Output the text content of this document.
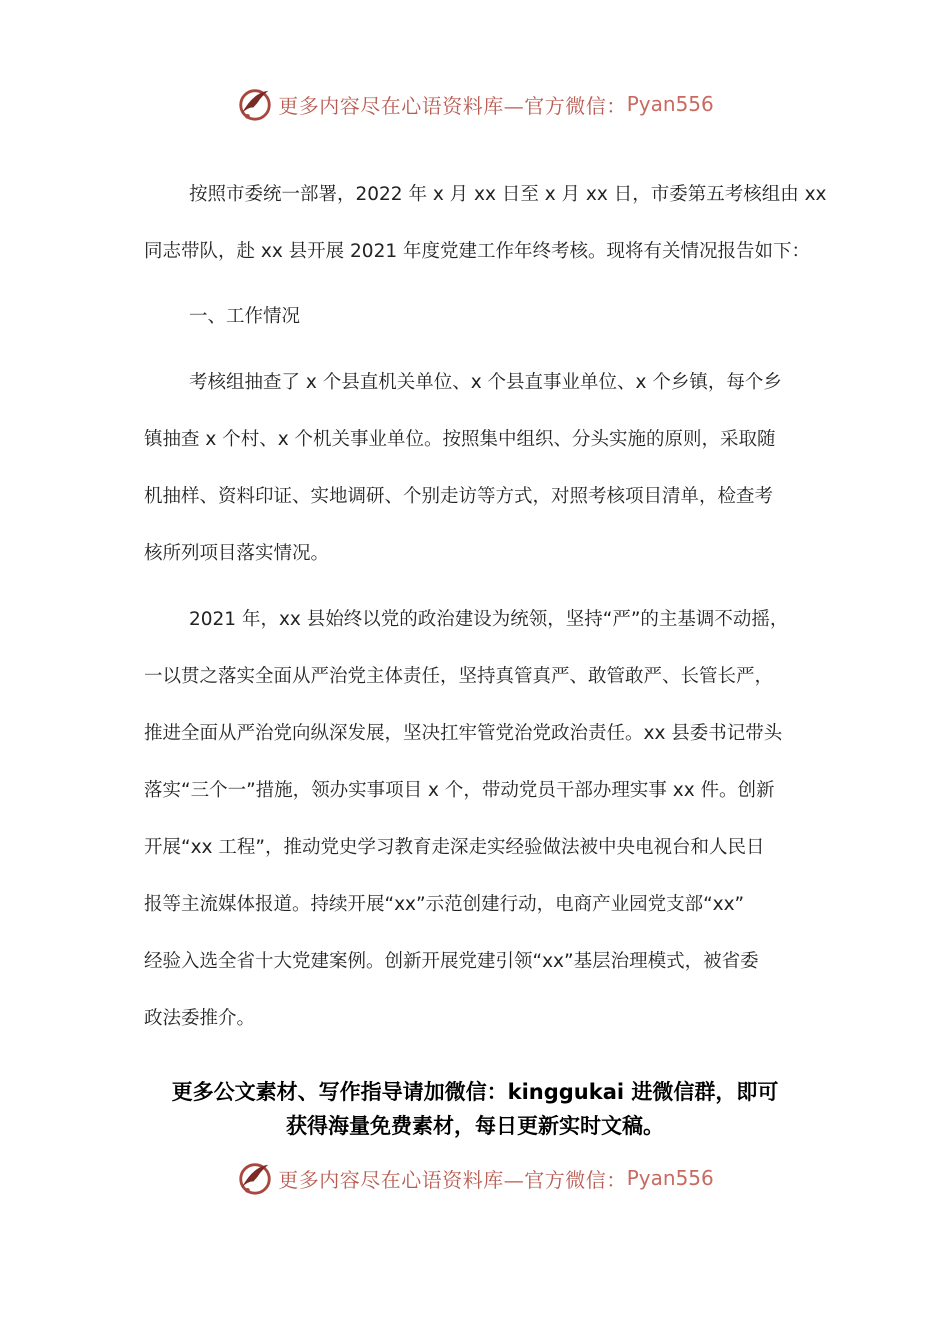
更多内容尽在心语资料库—官方微信： Pyan556
按照市委统一部署，2022 年 x 月 xx 日至 x 月 xx 日，市委第五考核组由 xx
同志带队，赴 xx 县开展 2021 年度党建工作年终考核。现将有关情况报告如下：
一、工作情况
考核组抽查了 x 个县直机关单位、x 个县直事业单位、x 个乡镇，每个乡
镇抽查 x 个村、x 个机关事业单位。按照集中组织、分头实施的原则，采取随
机抽样、资料印证、实地调研、个别走访等方式，对照考核项目清单，检查考
核所列项目落实情况。
2021 年，xx 县始终以党的政治建设为统领，坚持“严”的主基调不动摇，
一以贯之落实全面从严治党主体责任，坚持真管真严、敢管敢严、长管长严，
推进全面从严治党向纵深发展，坚决扛牢管党治党政治责任。xx 县委书记带头
落实“三个一”措施，领办实事项目 x 个，带动党员干部办理实事 xx 件。创新
开展“xx 工程”，推动党史学习教育走深走实经验做法被中央电视台和人民日
报等主流媒体报道。持续开展“xx”示范创建行动，电商产业园党支部“xx”
经验入选全省十大党建案例。创新开展党建引领“xx”基层治理模式，被省委
政法委推介。
更多公文素材、写作指导请加微信：kinggukai 进微信群，即可
获得海量免费素材，每日更新实时文稿。
更多内容尽在心语资料库—官方微信： Pyan556
